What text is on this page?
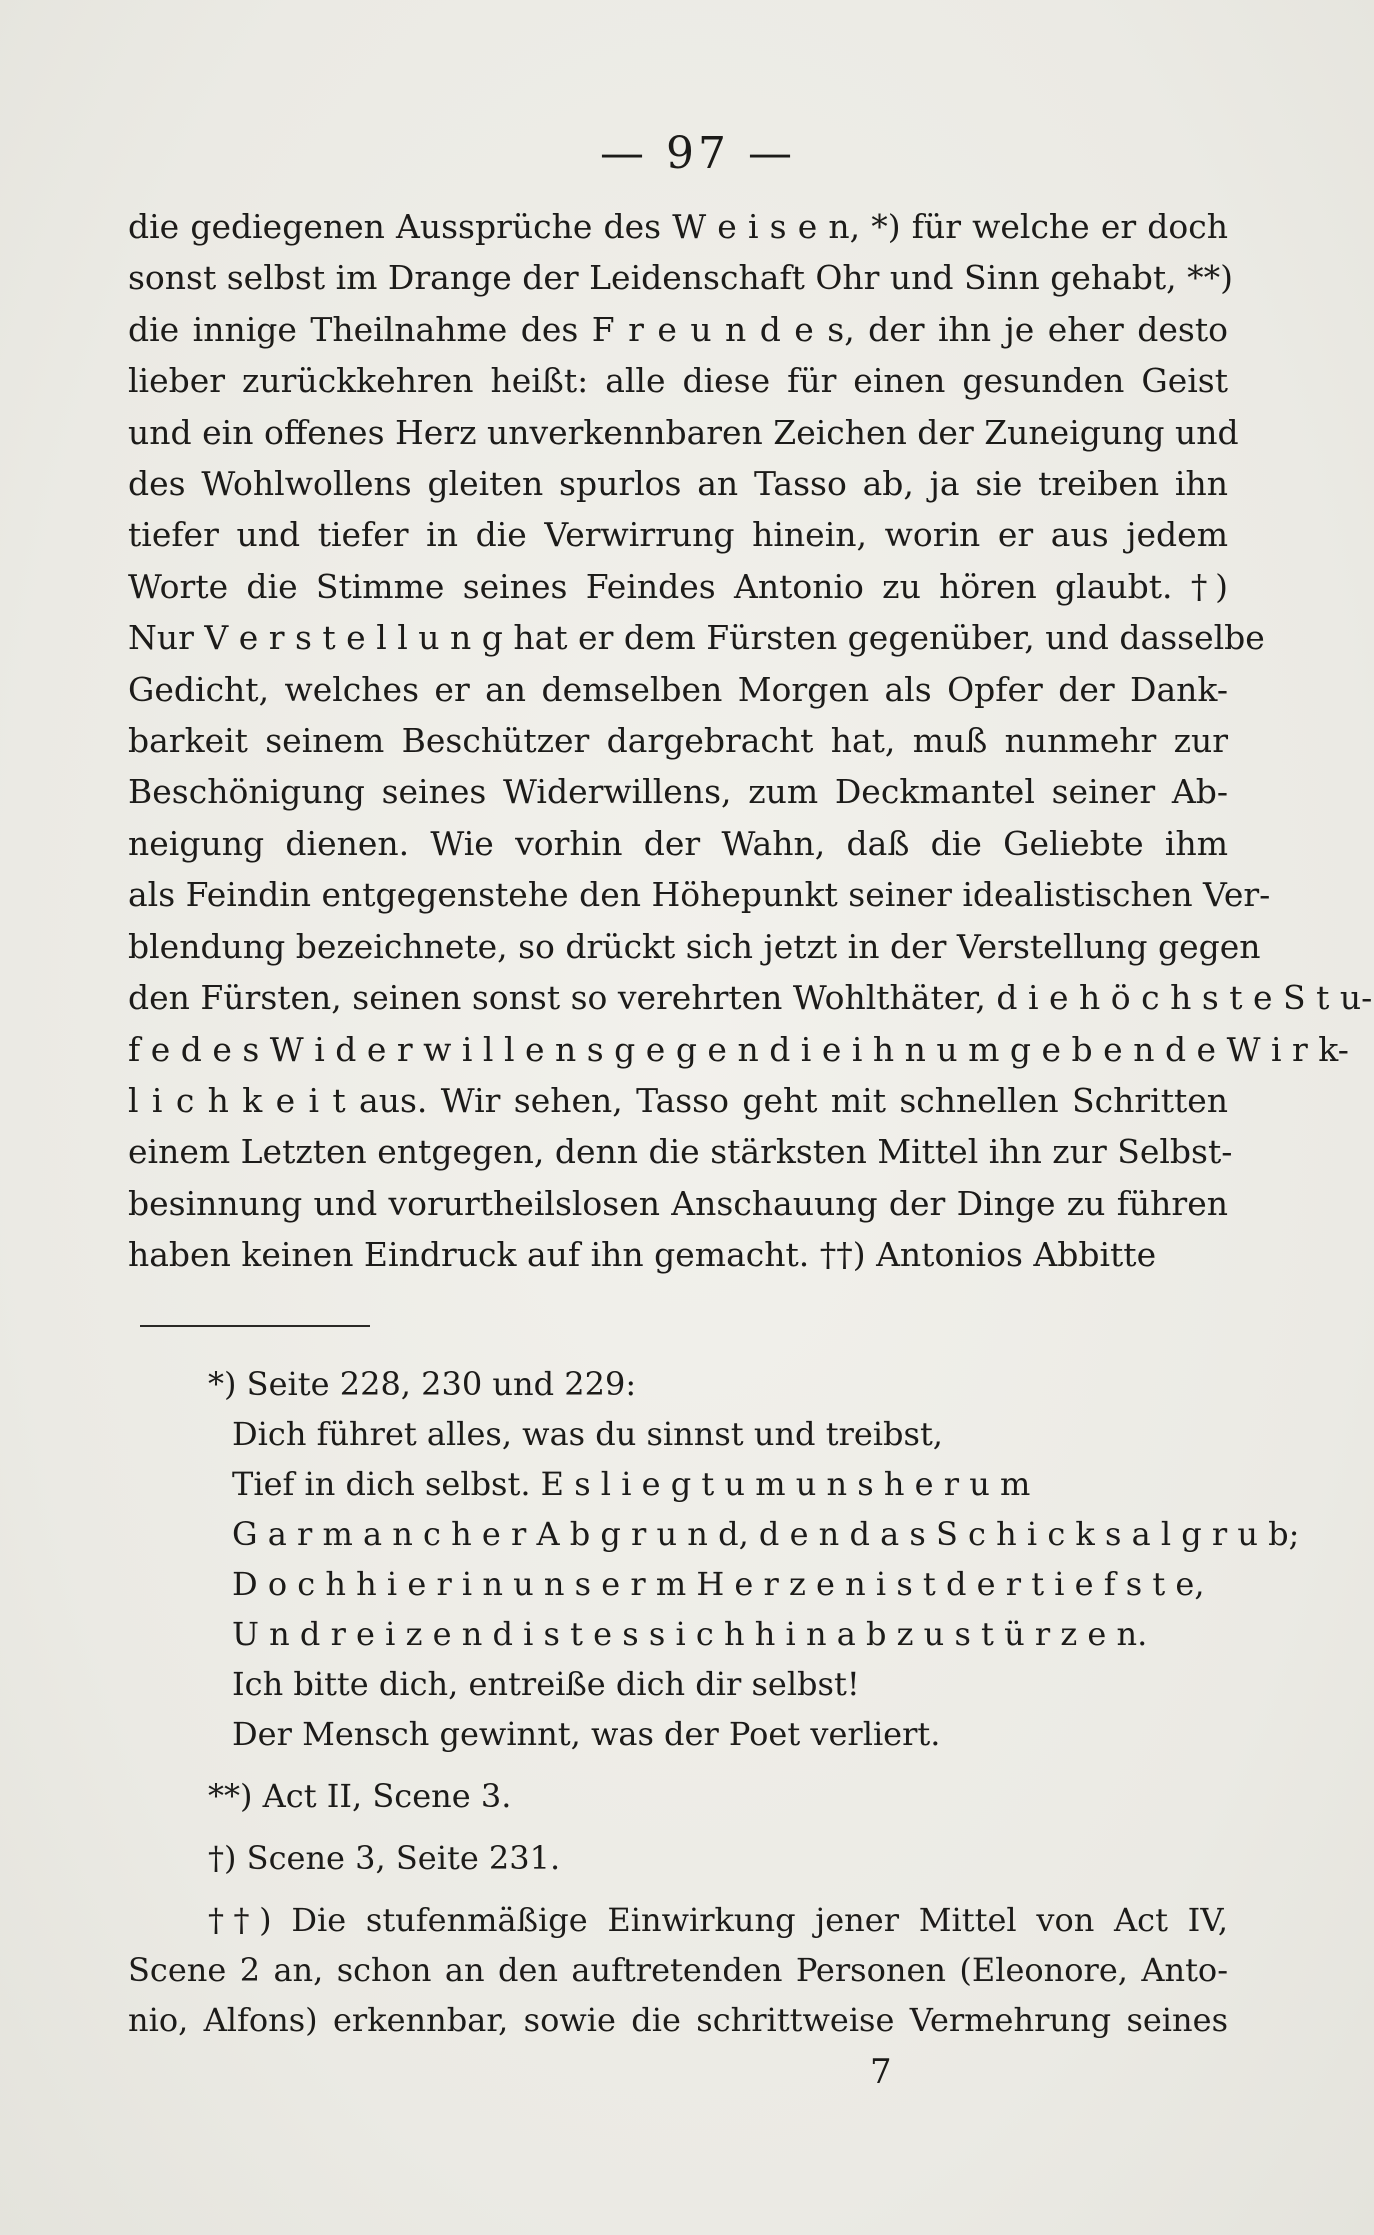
— 97 —
die gediegenen Aussprüche des W e i s e n, *) für welche er doch
sonst selbst im Drange der Leidenschaft Ohr und Sinn gehabt, **)
die innige Theilnahme des F r e u n d e s, der ihn je eher desto
lieber zurückkehren heißt: alle diese für einen gesunden Geist
und ein offenes Herz unverkennbaren Zeichen der Zuneigung und
des Wohlwollens gleiten spurlos an Tasso ab, ja sie treiben ihn
tiefer und tiefer in die Verwirrung hinein, worin er aus jedem
Worte die Stimme seines Feindes Antonio zu hören glaubt. †)
Nur V e r s t e l l u n g hat er dem Fürsten gegenüber, und dasselbe
Gedicht, welches er an demselben Morgen als Opfer der Dank-
barkeit seinem Beschützer dargebracht hat, muß nunmehr zur
Beschönigung seines Widerwillens, zum Deckmantel seiner Ab-
neigung dienen. Wie vorhin der Wahn, daß die Geliebte ihm
als Feindin entgegenstehe den Höhepunkt seiner idealistischen Ver-
blendung bezeichnete, so drückt sich jetzt in der Verstellung gegen
den Fürsten, seinen sonst so verehrten Wohlthäter, d i e h ö c h s t e S t u-
f e d e s W i d e r w i l l e n s g e g e n d i e i h n u m g e b e n d e W i r k-
l i c h k e i t aus. Wir sehen, Tasso geht mit schnellen Schritten
einem Letzten entgegen, denn die stärksten Mittel ihn zur Selbst-
besinnung und vorurtheilslosen Anschauung der Dinge zu führen
haben keinen Eindruck auf ihn gemacht. ††) Antonios Abbitte
*) Seite 228, 230 und 229:
Dich führet alles, was du sinnst und treibst,
Tief in dich selbst. E s l i e g t u m u n s h e r u m
G a r m a n c h e r A b g r u n d, d e n d a s S c h i c k s a l g r u b;
D o c h h i e r i n u n s e r m H e r z e n i s t d e r t i e f s t e,
U n d r e i z e n d i s t e s s i c h h i n a b z u s t ü r z e n.
Ich bitte dich, entreiße dich dir selbst!
Der Mensch gewinnt, was der Poet verliert.
**) Act II, Scene 3.
†) Scene 3, Seite 231.
††) Die stufenmäßige Einwirkung jener Mittel von Act IV,
Scene 2 an, schon an den auftretenden Personen (Eleonore, Anto-
nio, Alfons) erkennbar, sowie die schrittweise Vermehrung seines
7
